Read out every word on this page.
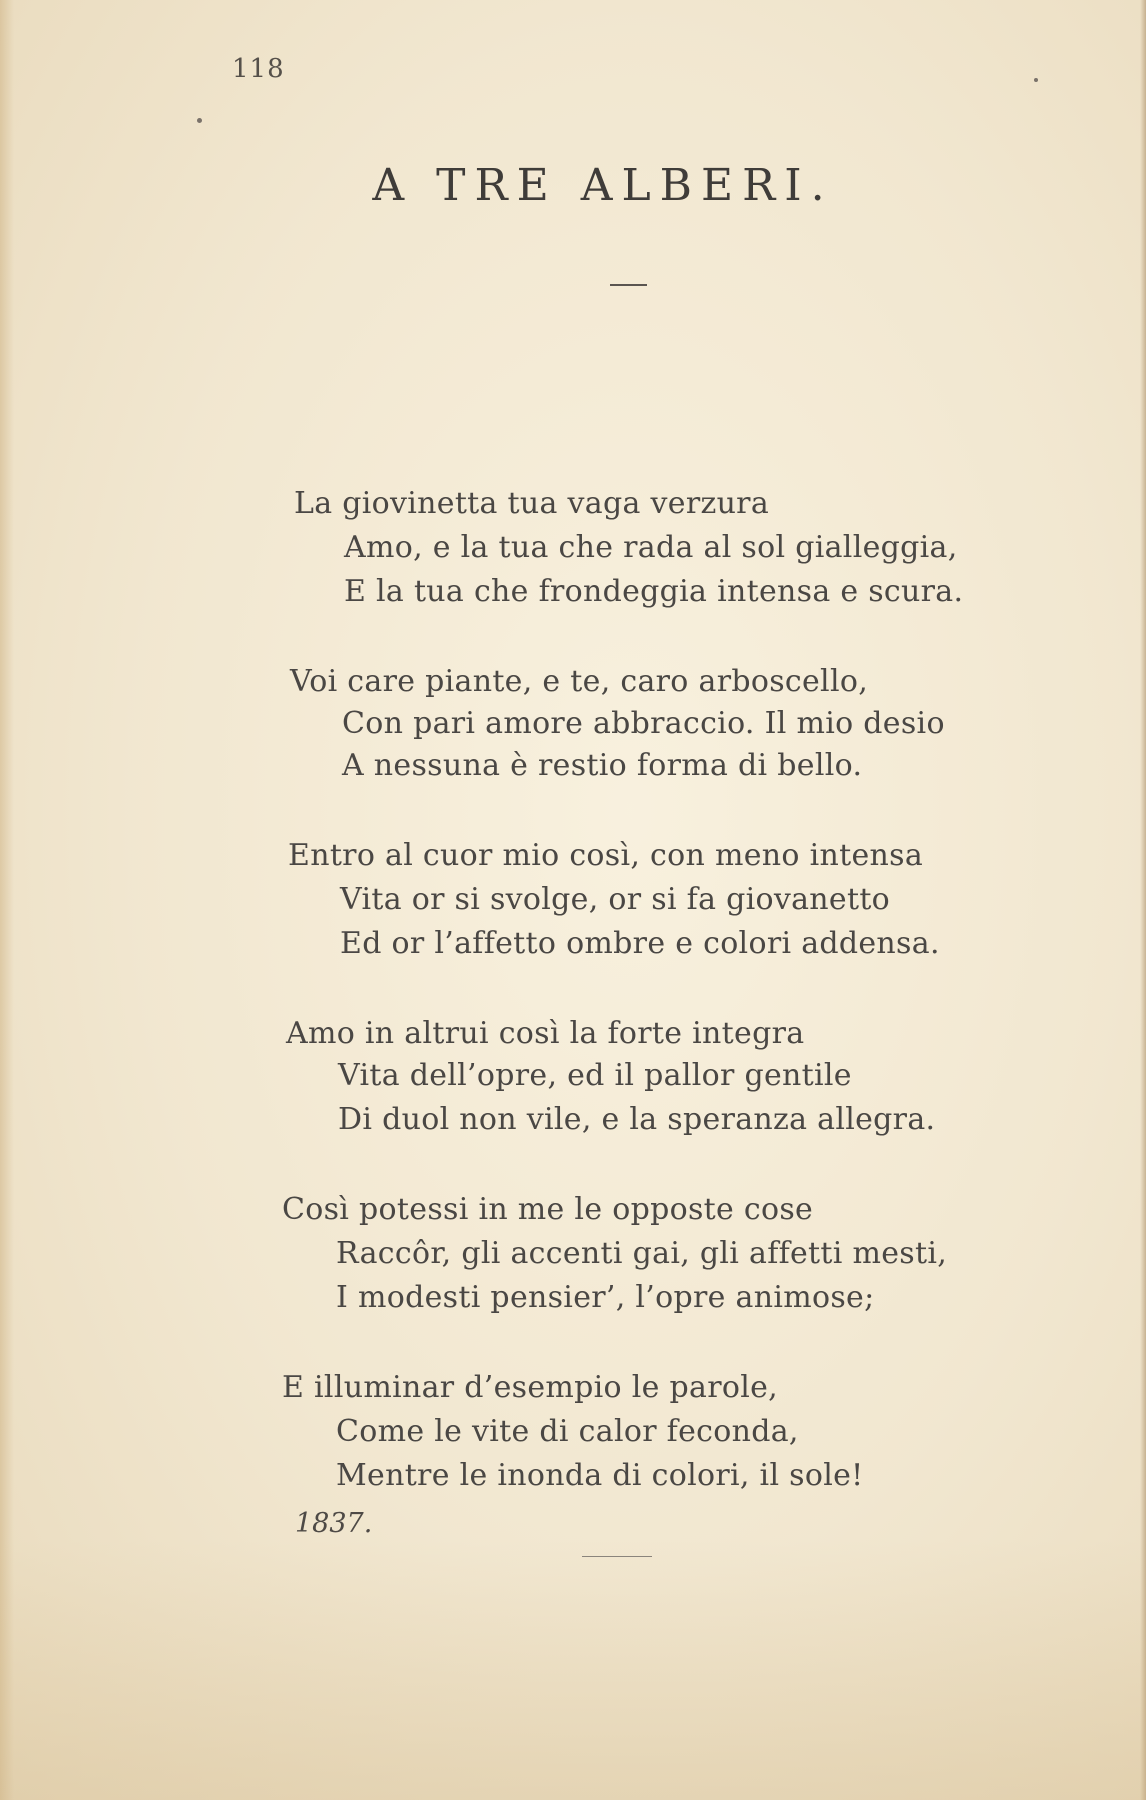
118
A TRE ALBERI.
La giovinetta tua vaga verzura
Amo, e la tua che rada al sol gialleggia,
E la tua che frondeggia intensa e scura.
Voi care piante, e te, caro arboscello,
Con pari amore abbraccio. Il mio desio
A nessuna è restio forma di bello.
Entro al cuor mio così, con meno intensa
Vita or si svolge, or si fa giovanetto
Ed or l’affetto ombre e colori addensa.
Amo in altrui così la forte integra
Vita dell’opre, ed il pallor gentile
Di duol non vile, e la speranza allegra.
Così potessi in me le opposte cose
Raccôr, gli accenti gai, gli affetti mesti,
I modesti pensier’, l’opre animose;
E illuminar d’esempio le parole,
Come le vite di calor feconda,
Mentre le inonda di colori, il sole!
1837.
